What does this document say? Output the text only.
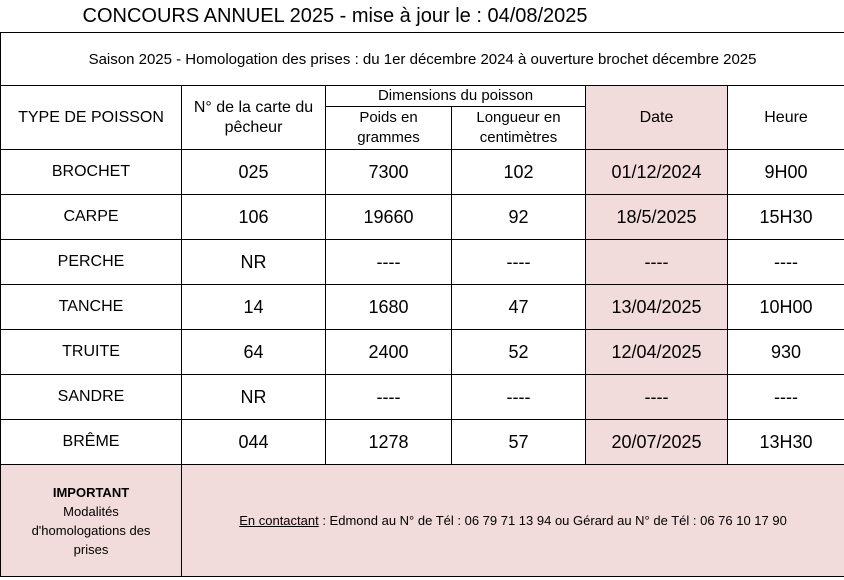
CONCOURS ANNUEL 2025 - mise à jour le : 04/08/2025					
Saison 2025 - Homologation des prises : du 1er décembre 2024 à ouverture brochet décembre 2025					
TYPE DE POISSON	N° de la carte du pêcheur	Dimensions du poisson		Date	Heure
		Poids en grammes	Longueur en centimètres		
BROCHET	025	7300	102	01/12/2024	9H00
CARPE	106	19660	92	18/5/2025	15H30
PERCHE	NR	----	----	----	----
TANCHE	14	1680	47	13/04/2025	10H00
TRUITE	64	2400	52	12/04/2025	930
SANDRE	NR	----	----	----	----
BRÊME	044	1278	57	20/07/2025	13H30
IMPORTANT
Modalités d'homologations des prises	En contactant : Edmond au N° de Tél : 06 79 71 13 94 ou Gérard au N° de Tél : 06 76 10 17 90				
